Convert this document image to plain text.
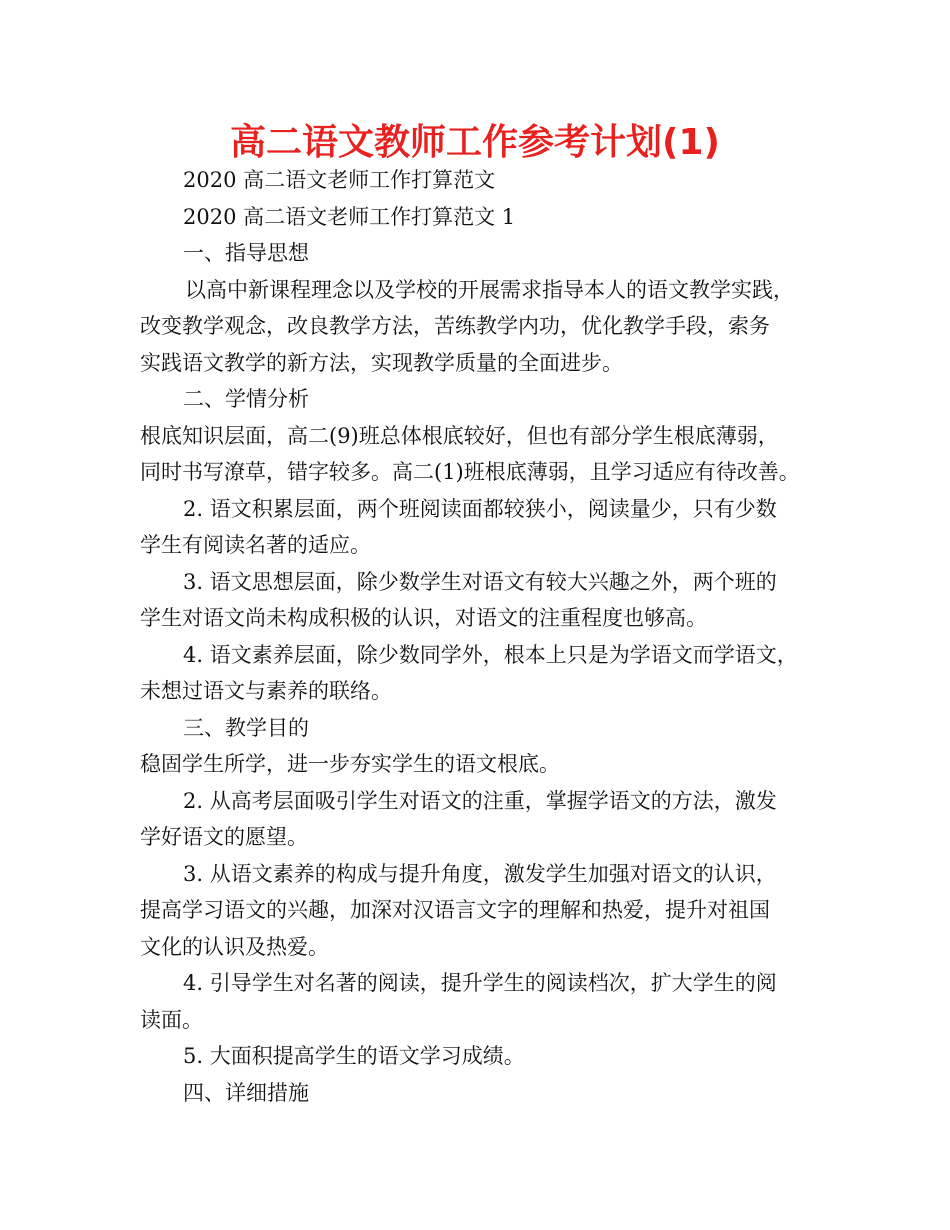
高二语文教师工作参考计划(1)

2020 高二语文老师工作打算范文

2020 高二语文老师工作打算范文 1

一、指导思想

以高中新课程理念以及学校的开展需求指导本人的语文教学实践，

改变教学观念，改良教学方法，苦练教学内功，优化教学手段，索务

实践语文教学的新方法，实现教学质量的全面进步。

二、学情分析

根底知识层面，高二(9)班总体根底较好，但也有部分学生根底薄弱，

同时书写潦草，错字较多。高二(1)班根底薄弱，且学习适应有待改善。

2. 语文积累层面，两个班阅读面都较狭小，阅读量少，只有少数

学生有阅读名著的适应。

3. 语文思想层面，除少数学生对语文有较大兴趣之外，两个班的

学生对语文尚未构成积极的认识，对语文的注重程度也够高。

4. 语文素养层面，除少数同学外，根本上只是为学语文而学语文，

未想过语文与素养的联络。

三、教学目的

稳固学生所学，进一步夯实学生的语文根底。

2. 从高考层面吸引学生对语文的注重，掌握学语文的方法，激发

学好语文的愿望。

3. 从语文素养的构成与提升角度，激发学生加强对语文的认识，

提高学习语文的兴趣，加深对汉语言文字的理解和热爱，提升对祖国

文化的认识及热爱。

4. 引导学生对名著的阅读，提升学生的阅读档次，扩大学生的阅

读面。

5. 大面积提高学生的语文学习成绩。

四、详细措施
